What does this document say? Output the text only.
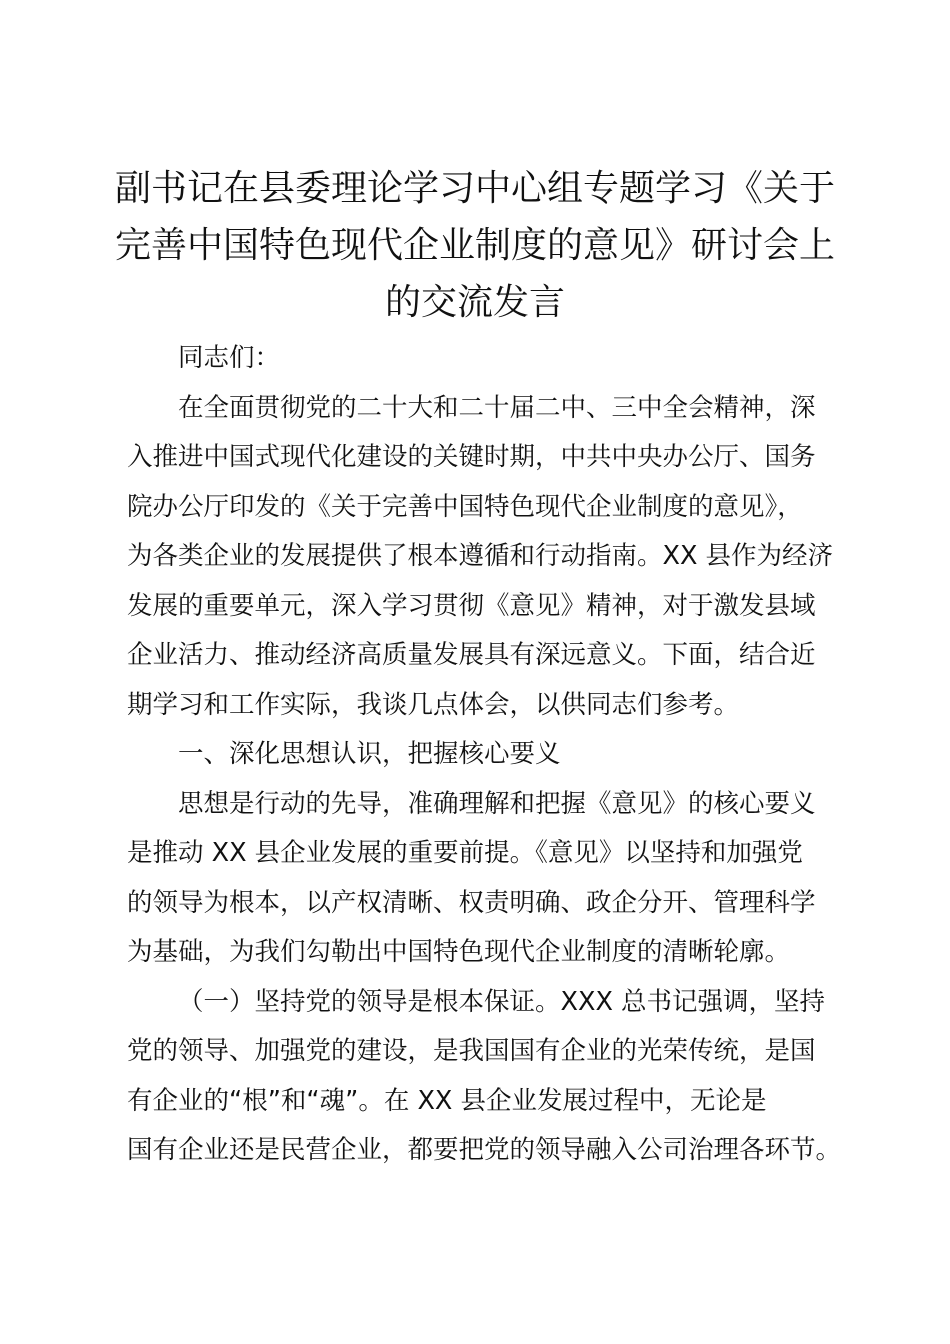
副书记在县委理论学习中心组专题学习《关于
完善中国特色现代企业制度的意见》研讨会上
的交流发言
同志们：
在全面贯彻党的二十大和二十届二中、三中全会精神，深
入推进中国式现代化建设的关键时期，中共中央办公厅、国务
院办公厅印发的《关于完善中国特色现代企业制度的意见》，
为各类企业的发展提供了根本遵循和行动指南。XX 县作为经济
发展的重要单元，深入学习贯彻《意见》精神，对于激发县域
企业活力、推动经济高质量发展具有深远意义。下面，结合近
期学习和工作实际，我谈几点体会，以供同志们参考。
一、深化思想认识，把握核心要义
思想是行动的先导，准确理解和把握《意见》的核心要义
是推动 XX 县企业发展的重要前提。《意见》以坚持和加强党
的领导为根本，以产权清晰、权责明确、政企分开、管理科学
为基础，为我们勾勒出中国特色现代企业制度的清晰轮廓。
（一）坚持党的领导是根本保证。XXX 总书记强调，坚持
党的领导、加强党的建设，是我国国有企业的光荣传统，是国
有企业的“根”和“魂”。在 XX 县企业发展过程中，无论是
国有企业还是民营企业，都要把党的领导融入公司治理各环节。
